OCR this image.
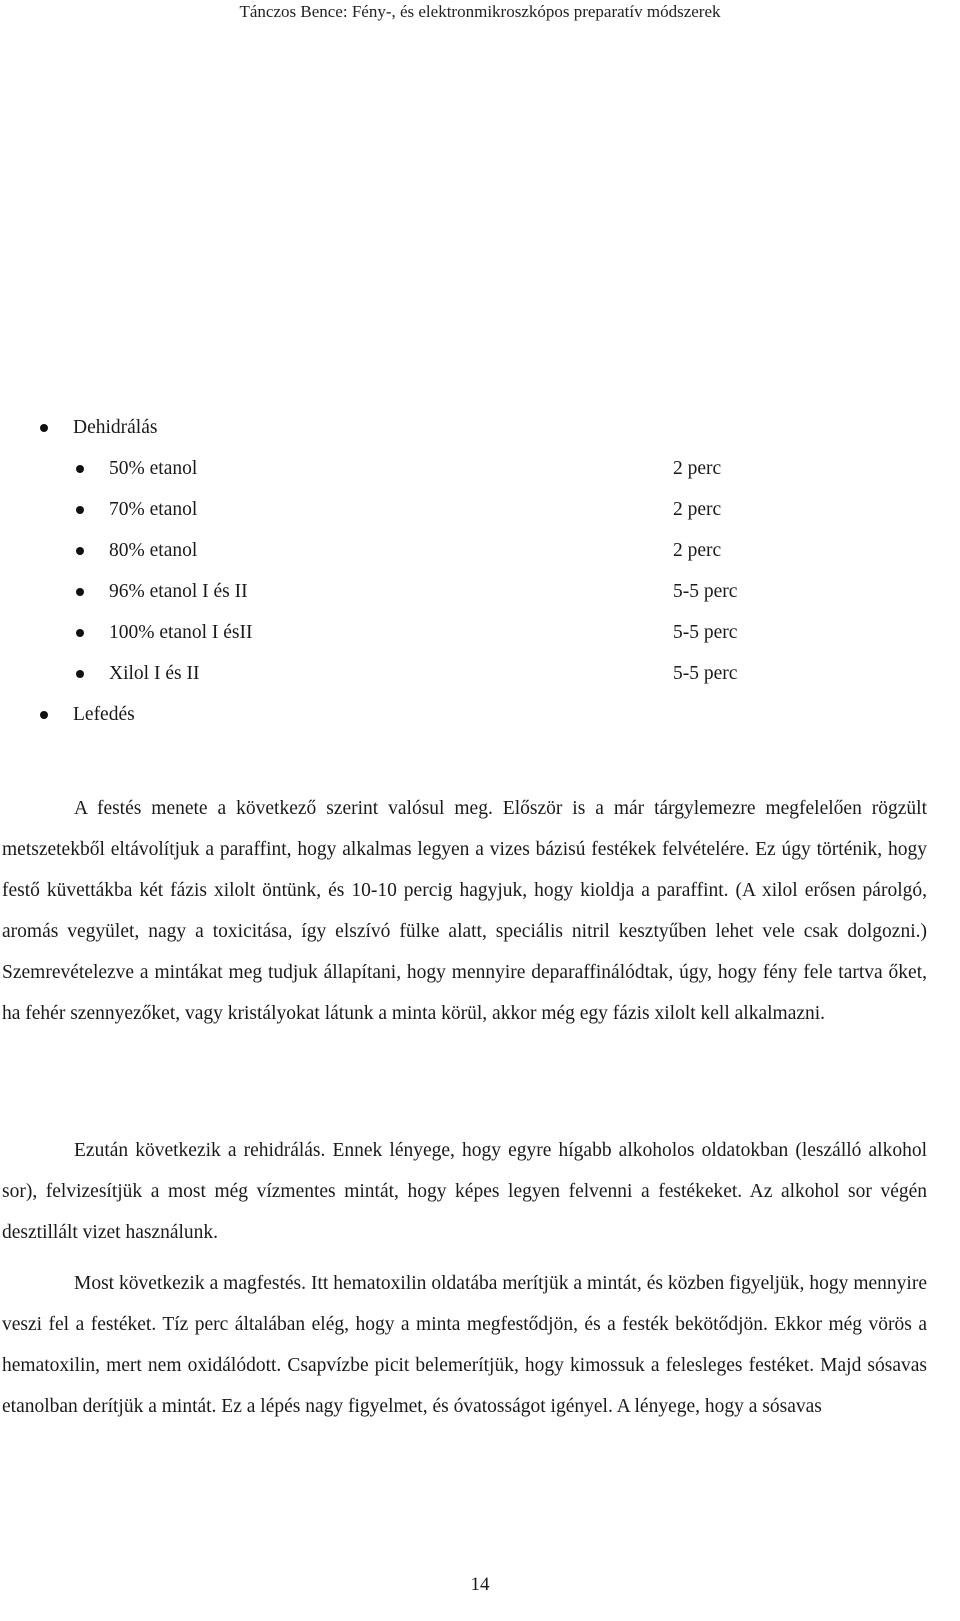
Tánczos Bence: Fény-, és elektronmikroszkópos preparatív módszerek
Dehidrálás
50% etanol	2 perc
70% etanol	2 perc
80% etanol	2 perc
96% etanol I és II	5-5 perc
100% etanol I ésII	5-5 perc
Xilol I és II	5-5 perc
Lefedés

A festés menete a következő szerint valósul meg. Először is a már tárgylemezre megfelelően rögzült metszetekből eltávolítjuk a paraffint, hogy alkalmas legyen a vizes bázisú festékek felvételére. Ez úgy történik, hogy festő küvettákba két fázis xilolt öntünk, és 10-10 percig hagyjuk, hogy kioldja a paraffint. (A xilol erősen párolgó, aromás vegyület, nagy a toxicitása, így elszívó fülke alatt, speciális nitril kesztyűben lehet vele csak dolgozni.) Szemrevételezve a mintákat meg tudjuk állapítani, hogy mennyire deparaffinálódtak, úgy, hogy fény fele tartva őket, ha fehér szennyezőket, vagy kristályokat látunk a minta körül, akkor még egy fázis xilolt kell alkalmazni.

Ezután következik a rehidrálás. Ennek lényege, hogy egyre hígabb alkoholos oldatokban (leszálló alkohol sor), felvizesítjük a most még vízmentes mintát, hogy képes legyen felvenni a festékeket. Az alkohol sor végén desztillált vizet használunk.

Most következik a magfestés. Itt hematoxilin oldatába merítjük a mintát, és közben figyeljük, hogy mennyire veszi fel a festéket. Tíz perc általában elég, hogy a minta megfestődjön, és a festék bekötődjön. Ekkor még vörös a hematoxilin, mert nem oxidálódott. Csapvízbe picit belemerítjük, hogy kimossuk a felesleges festéket. Majd sósavas etanolban derítjük a mintát. Ez a lépés nagy figyelmet, és óvatosságot igényel. A lényege, hogy a sósavas

14
